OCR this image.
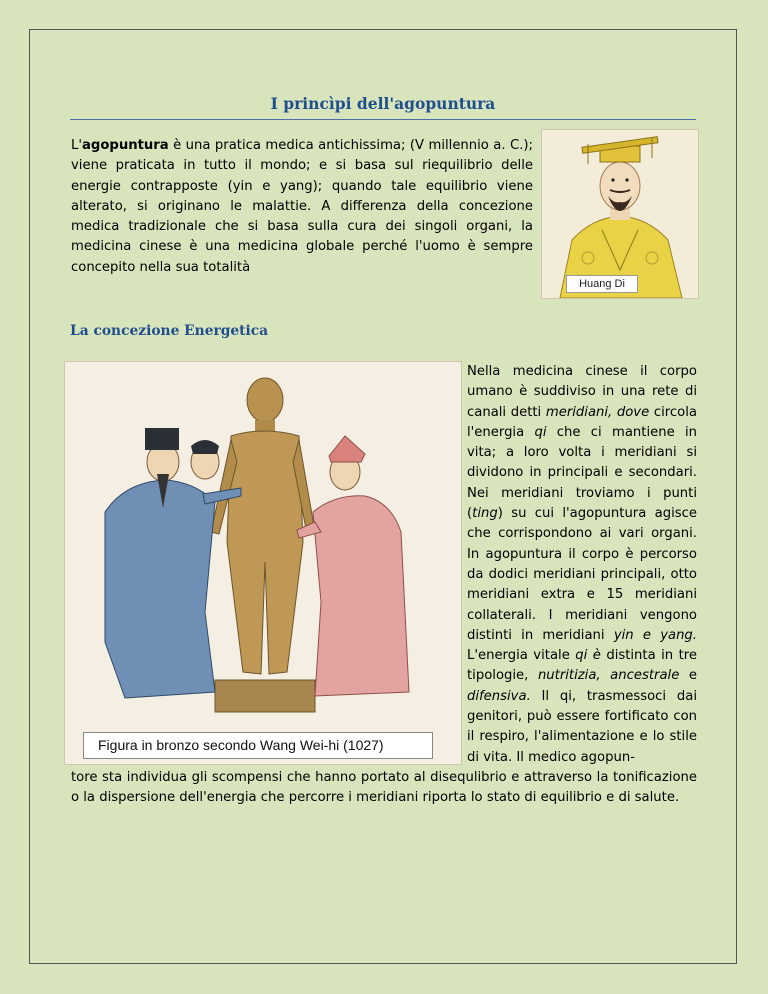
I princìpi dell'agopuntura

L'agopuntura è una pratica medica antichissima; (V millennio a. C.); viene praticata in tutto il mondo; e si basa sul riequilibrio delle energie contrapposte (yin e yang); quando tale equilibrio viene alterato, si originano le malattie. A differenza della concezione medica tradizionale che si basa sulla cura dei singoli organi, la medicina cinese è una medicina globale perché l'uomo è sempre concepito nella sua totalità

Huang Di
La concezione Energetica
Figura in bronzo secondo Wang Wei-hi (1027)

Nella medicina cinese il corpo umano è suddiviso in una rete di canali detti meridiani, dove circola l'energia qi che ci mantiene in vita; a loro volta i meridiani si dividono in principali e secondari. Nei meridiani troviamo i punti (ting) su cui l'agopuntura agisce che corrispondono ai vari organi. In agopuntura il corpo è percorso da dodici meridiani principali, otto meridiani extra e 15 meridiani collaterali. I meridiani vengono distinti in meridiani yin e yang. L'energia vitale qi è distinta in tre tipologie, nutritizia, ancestrale e difensiva. Il qi, trasmessoci dai genitori, può essere fortificato con il respiro, l'alimentazione e lo stile di vita. Il medico agopun-

tore sta individua gli scompensi che hanno portato al disequlibrio e attraverso la tonificazione o la dispersione dell'energia che percorre i meridiani riporta lo stato di equilibrio e di salute.
